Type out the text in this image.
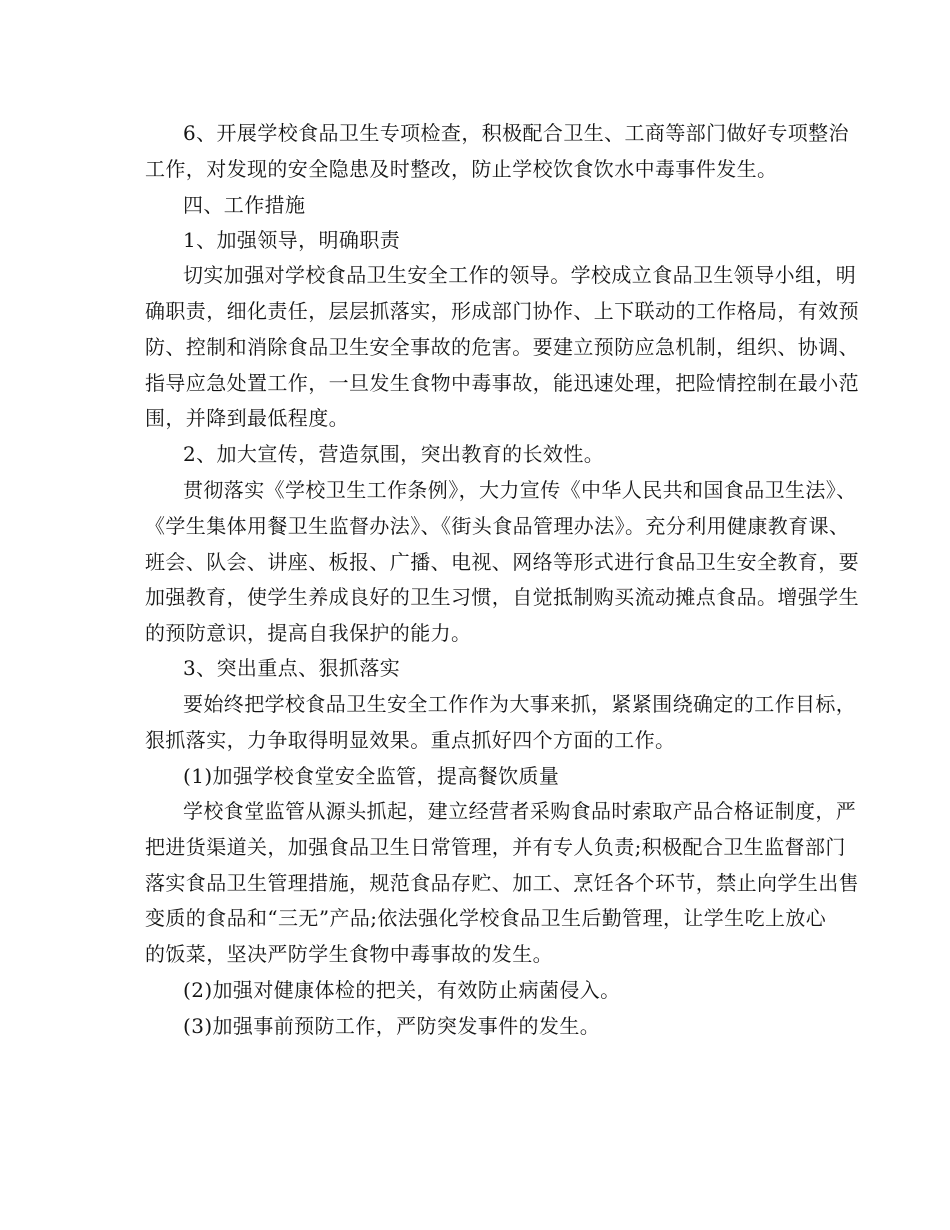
6、开展学校食品卫生专项检查，积极配合卫生、工商等部门做好专项整治
工作，对发现的安全隐患及时整改，防止学校饮食饮水中毒事件发生。
四、工作措施
1、加强领导，明确职责
切实加强对学校食品卫生安全工作的领导。学校成立食品卫生领导小组，明
确职责，细化责任，层层抓落实，形成部门协作、上下联动的工作格局，有效预
防、控制和消除食品卫生安全事故的危害。要建立预防应急机制，组织、协调、
指导应急处置工作，一旦发生食物中毒事故，能迅速处理，把险情控制在最小范
围，并降到最低程度。
2、加大宣传，营造氛围，突出教育的长效性。
贯彻落实《学校卫生工作条例》，大力宣传《中华人民共和国食品卫生法》、
《学生集体用餐卫生监督办法》、《街头食品管理办法》。充分利用健康教育课、
班会、队会、讲座、板报、广播、电视、网络等形式进行食品卫生安全教育，要
加强教育，使学生养成良好的卫生习惯，自觉抵制购买流动摊点食品。增强学生
的预防意识，提高自我保护的能力。
3、突出重点、狠抓落实
要始终把学校食品卫生安全工作作为大事来抓，紧紧围绕确定的工作目标，
狠抓落实，力争取得明显效果。重点抓好四个方面的工作。
(1)加强学校食堂安全监管，提高餐饮质量
学校食堂监管从源头抓起，建立经营者采购食品时索取产品合格证制度，严
把进货渠道关，加强食品卫生日常管理，并有专人负责;积极配合卫生监督部门
落实食品卫生管理措施，规范食品存贮、加工、烹饪各个环节，禁止向学生出售
变质的食品和“三无”产品;依法强化学校食品卫生后勤管理，让学生吃上放心
的饭菜，坚决严防学生食物中毒事故的发生。
(2)加强对健康体检的把关，有效防止病菌侵入。
(3)加强事前预防工作，严防突发事件的发生。
